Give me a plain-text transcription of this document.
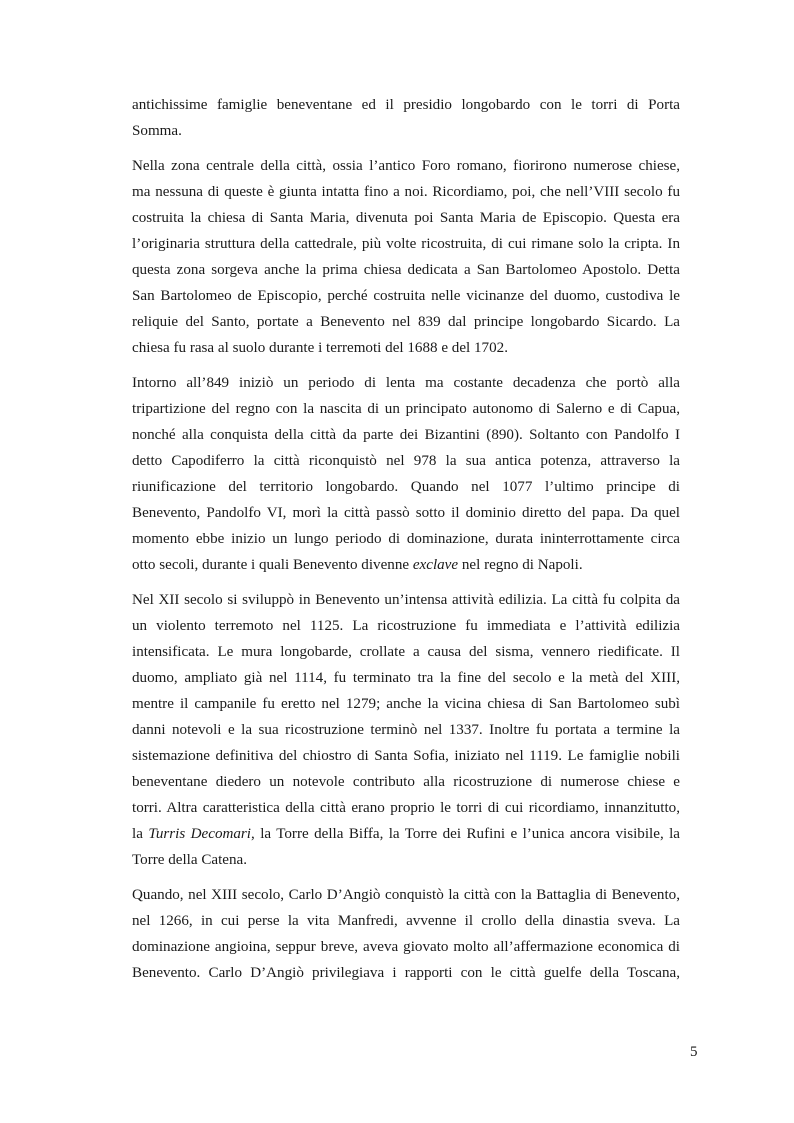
antichissime famiglie beneventane ed il presidio longobardo con le torri di Porta
Somma.
Nella zona centrale della città, ossia l’antico Foro romano, fiorirono numerose chiese,
ma nessuna di queste è giunta intatta fino a noi. Ricordiamo, poi, che nell’VIII secolo fu
costruita la chiesa di Santa Maria, divenuta poi Santa Maria de Episcopio. Questa era
l’originaria struttura della cattedrale, più volte ricostruita, di cui rimane solo la cripta. In
questa zona sorgeva anche la prima chiesa dedicata a San Bartolomeo Apostolo. Detta
San Bartolomeo de Episcopio, perché costruita nelle vicinanze del duomo, custodiva le
reliquie del Santo, portate a Benevento nel 839 dal principe longobardo Sicardo. La
chiesa fu rasa al suolo durante i terremoti del 1688 e del 1702.
Intorno all’849 iniziò un periodo di lenta ma costante decadenza che portò alla
tripartizione del regno con la nascita di un principato autonomo di Salerno e di Capua,
nonché alla conquista della città da parte dei Bizantini (890). Soltanto con Pandolfo I
detto Capodiferro la città riconquistò nel 978 la sua antica potenza, attraverso la
riunificazione del territorio longobardo. Quando nel 1077 l’ultimo principe di
Benevento, Pandolfo VI, morì la città passò sotto il dominio diretto del papa. Da quel
momento ebbe inizio un lungo periodo di dominazione, durata ininterrottamente circa
otto secoli, durante i quali Benevento divenne exclave nel regno di Napoli.
Nel XII secolo si sviluppò in Benevento un’intensa attività edilizia. La città fu colpita da
un violento terremoto nel 1125. La ricostruzione fu immediata e l’attività edilizia
intensificata. Le mura longobarde, crollate a causa del sisma, vennero riedificate. Il
duomo, ampliato già nel 1114, fu terminato tra la fine del secolo e la metà del XIII,
mentre il campanile fu eretto nel 1279; anche la vicina chiesa di San Bartolomeo subì
danni notevoli e la sua ricostruzione terminò nel 1337. Inoltre fu portata a termine la
sistemazione definitiva del chiostro di Santa Sofia, iniziato nel 1119. Le famiglie nobili
beneventane diedero un notevole contributo alla ricostruzione di numerose chiese e
torri. Altra caratteristica della città erano proprio le torri di cui ricordiamo, innanzitutto,
la Turris Decomari, la Torre della Biffa, la Torre dei Rufini e l’unica ancora visibile, la
Torre della Catena.
Quando, nel XIII secolo, Carlo D’Angiò conquistò la città con la Battaglia di Benevento,
nel 1266, in cui perse la vita Manfredi, avvenne il crollo della dinastia sveva. La
dominazione angioina, seppur breve, aveva giovato molto all’affermazione economica di
Benevento. Carlo D’Angiò privilegiava i rapporti con le città guelfe della Toscana,
5
